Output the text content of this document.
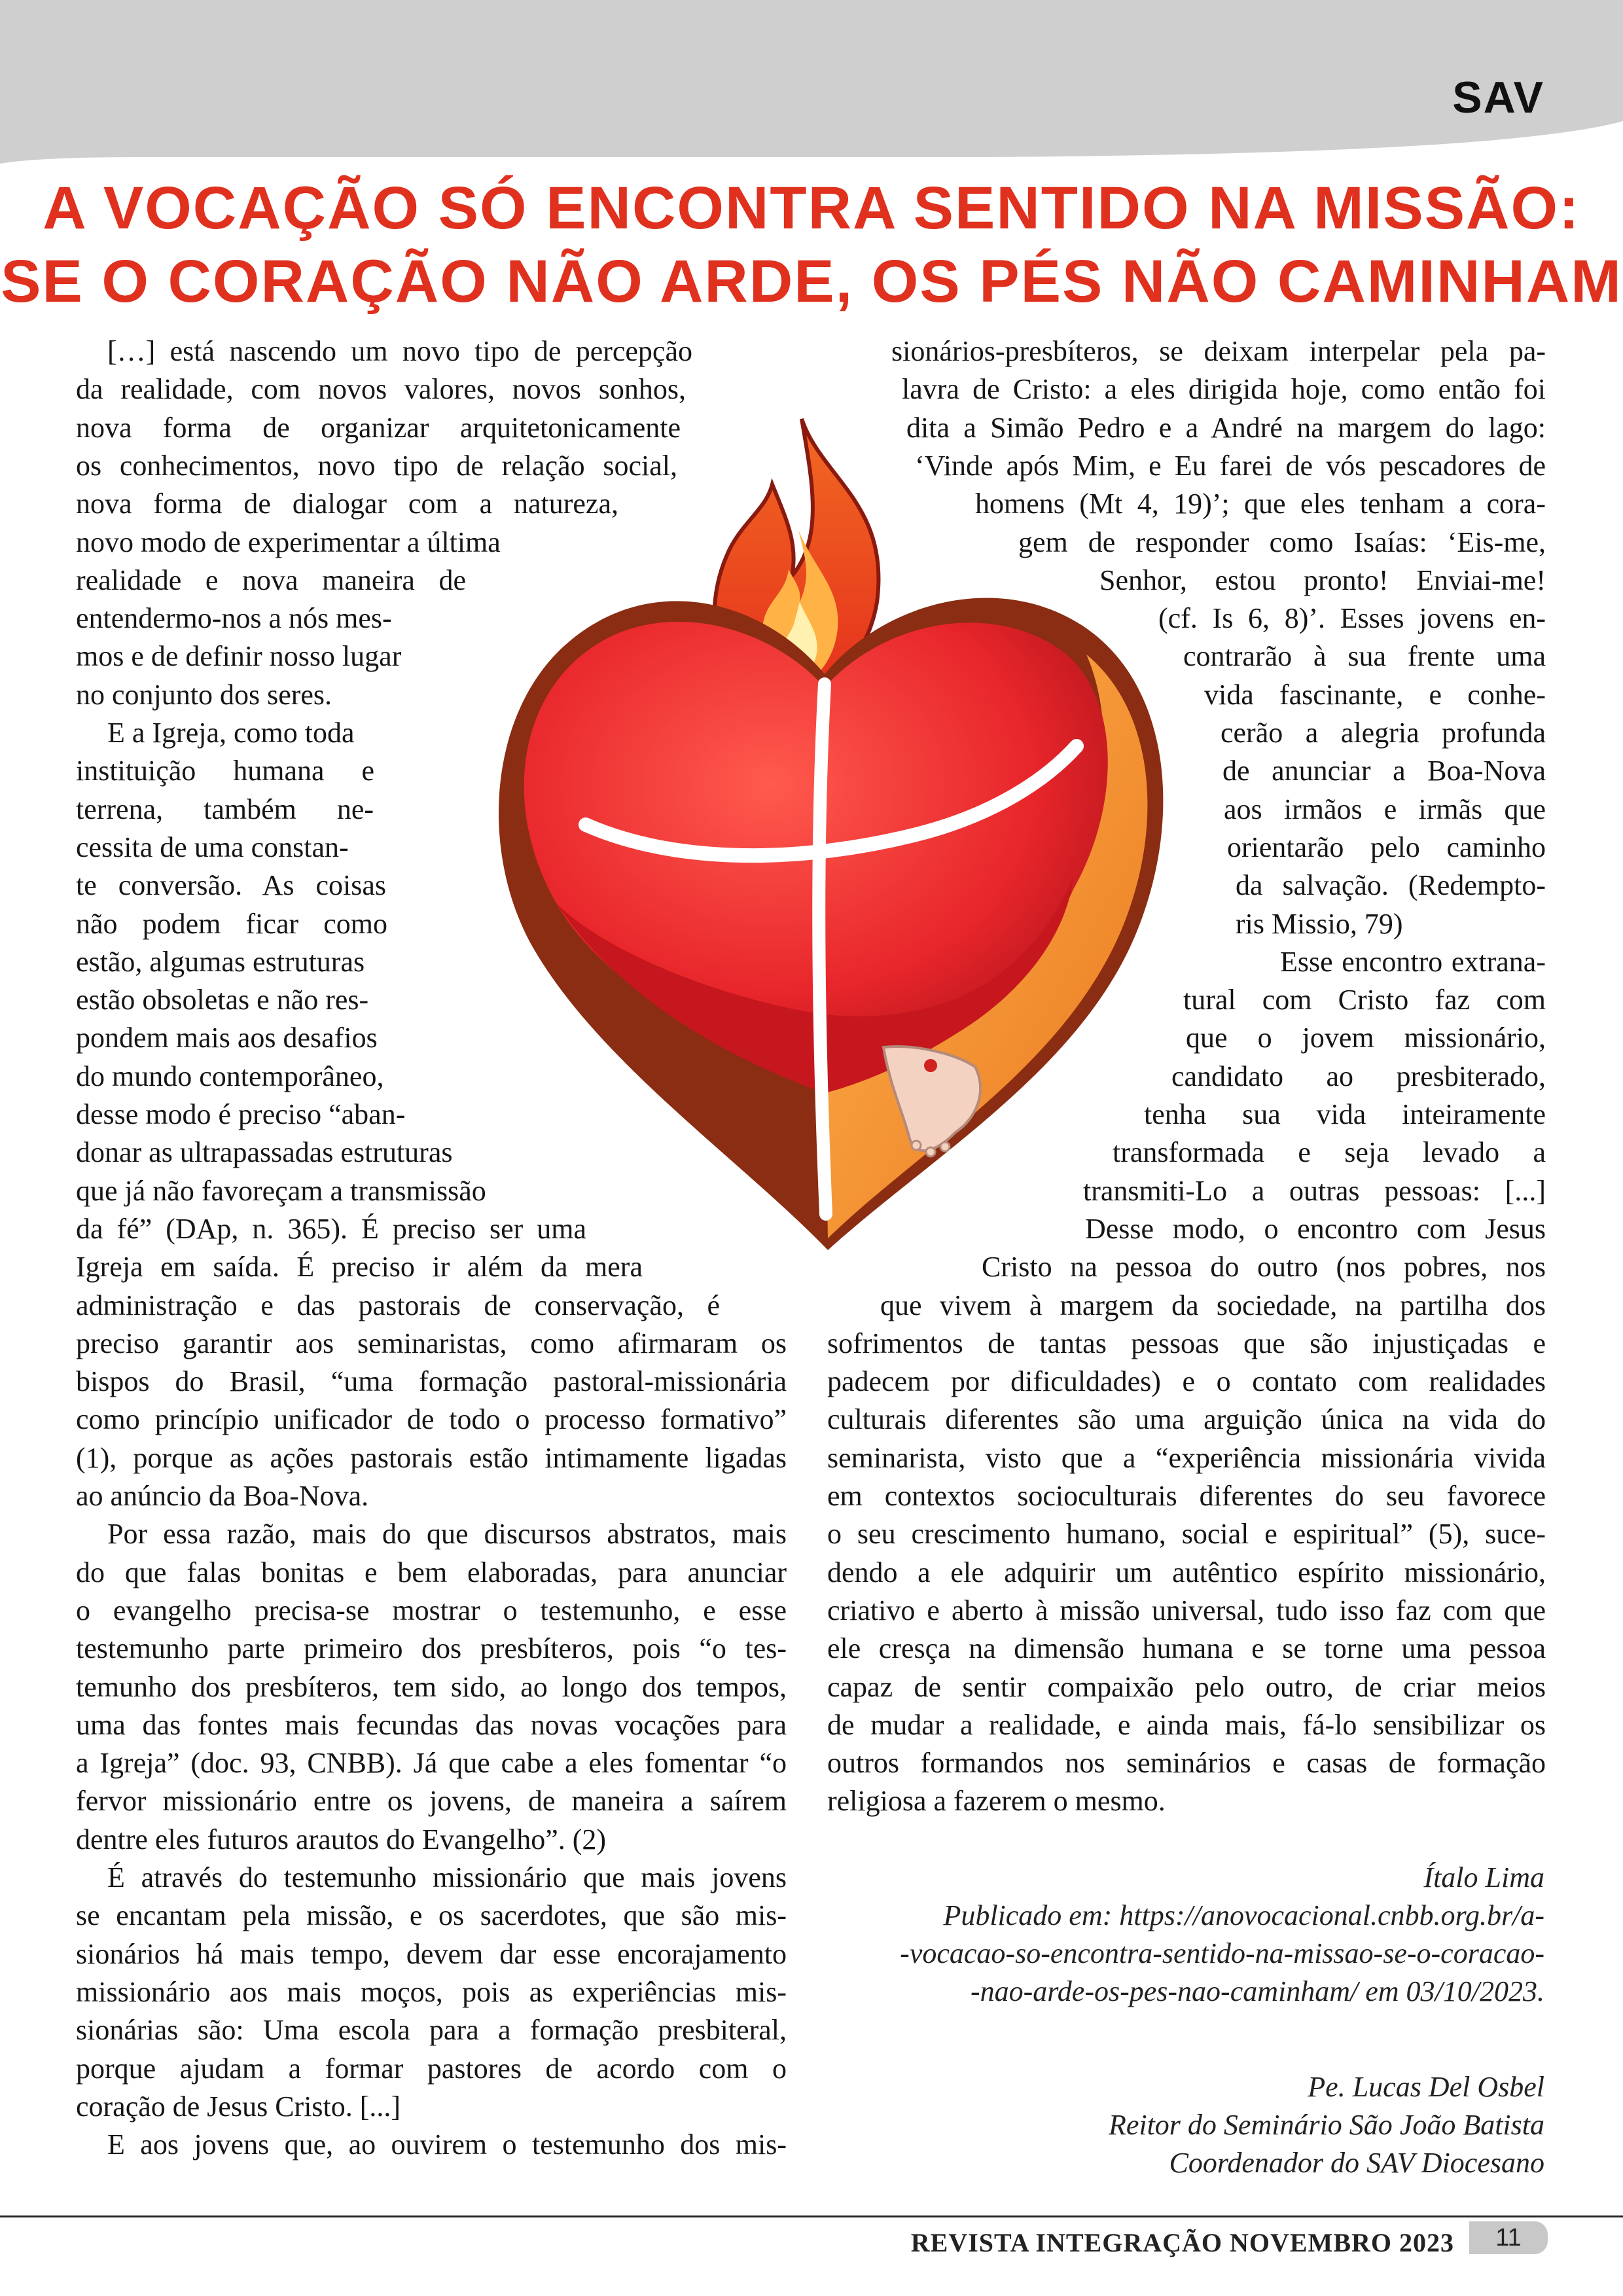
SAV
A VOCAÇÃO SÓ ENCONTRA SENTIDO NA MISSÃO:
SE O CORAÇÃO NÃO ARDE, OS PÉS NÃO CAMINHAM
[…] está nascendo um novo tipo de percepção
da realidade, com novos valores, novos sonhos,
nova forma de organizar arquitetonicamente
os conhecimentos, novo tipo de relação social,
nova forma de dialogar com a natureza,
novo modo de experimentar a última
realidade e nova maneira de
entendermo-nos a nós mes-
mos e de definir nosso lugar
no conjunto dos seres.
E a Igreja, como toda
instituição humana e
terrena, também ne-
cessita de uma constan-
te conversão. As coisas
não podem ficar como
estão, algumas estruturas
estão obsoletas e não res-
pondem mais aos desafios
do mundo contemporâneo,
desse modo é preciso “aban-
donar as ultrapassadas estruturas
que já não favoreçam a transmissão
da fé” (DAp, n. 365). É preciso ser uma
Igreja em saída. É preciso ir além da mera
administração e das pastorais de conservação, é
preciso garantir aos seminaristas, como afirmaram os
bispos do Brasil, “uma formação pastoral-missionária
como princípio unificador de todo o processo formativo”
(1), porque as ações pastorais estão intimamente ligadas
ao anúncio da Boa-Nova.
Por essa razão, mais do que discursos abstratos, mais
do que falas bonitas e bem elaboradas, para anunciar
o evangelho precisa-se mostrar o testemunho, e esse
testemunho parte primeiro dos presbíteros, pois “o tes-
temunho dos presbíteros, tem sido, ao longo dos tempos,
uma das fontes mais fecundas das novas vocações para
a Igreja” (doc. 93, CNBB). Já que cabe a eles fomentar “o
fervor missionário entre os jovens, de maneira a saírem
dentre eles futuros arautos do Evangelho”. (2)
É através do testemunho missionário que mais jovens
se encantam pela missão, e os sacerdotes, que são mis-
sionários há mais tempo, devem dar esse encorajamento
missionário aos mais moços, pois as experiências mis-
sionárias são: Uma escola para a formação presbiteral,
porque ajudam a formar pastores de acordo com o
coração de Jesus Cristo. [...]
E aos jovens que, ao ouvirem o testemunho dos mis-
sionários-presbíteros, se deixam interpelar pela pa-
lavra de Cristo: a eles dirigida hoje, como então foi
dita a Simão Pedro e a André na margem do lago:
‘Vinde após Mim, e Eu farei de vós pescadores de
homens (Mt 4, 19)’; que eles tenham a cora-
gem de responder como Isaías: ‘Eis-me,
Senhor, estou pronto! Enviai-me!
(cf. Is 6, 8)’. Esses jovens en-
contrarão à sua frente uma
vida fascinante, e conhe-
cerão a alegria profunda
de anunciar a Boa-Nova
aos irmãos e irmãs que
orientarão pelo caminho
da salvação. (Redempto-
ris Missio, 79)
Esse encontro extrana-
tural com Cristo faz com
que o jovem missionário,
candidato ao presbiterado,
tenha sua vida inteiramente
transformada e seja levado a
transmiti-Lo a outras pessoas: [...]
Desse modo, o encontro com Jesus
Cristo na pessoa do outro (nos pobres, nos
que vivem à margem da sociedade, na partilha dos
sofrimentos de tantas pessoas que são injustiçadas e
padecem por dificuldades) e o contato com realidades
culturais diferentes são uma arguição única na vida do
seminarista, visto que a “experiência missionária vivida
em contextos socioculturais diferentes do seu favorece
o seu crescimento humano, social e espiritual” (5), suce-
dendo a ele adquirir um autêntico espírito missionário,
criativo e aberto à missão universal, tudo isso faz com que
ele cresça na dimensão humana e se torne uma pessoa
capaz de sentir compaixão pelo outro, de criar meios
de mudar a realidade, e ainda mais, fá-lo sensibilizar os
outros formandos nos seminários e casas de formação
religiosa a fazerem o mesmo.
Ítalo Lima
Publicado em: https://anovocacional.cnbb.org.br/a-
-vocacao-so-encontra-sentido-na-missao-se-o-coracao-
-nao-arde-os-pes-nao-caminham/ em 03/10/2023.
Pe. Lucas Del Osbel
Reitor do Seminário São João Batista
Coordenador do SAV Diocesano
REVISTA INTEGRAÇÃO NOVEMBRO 2023	11
